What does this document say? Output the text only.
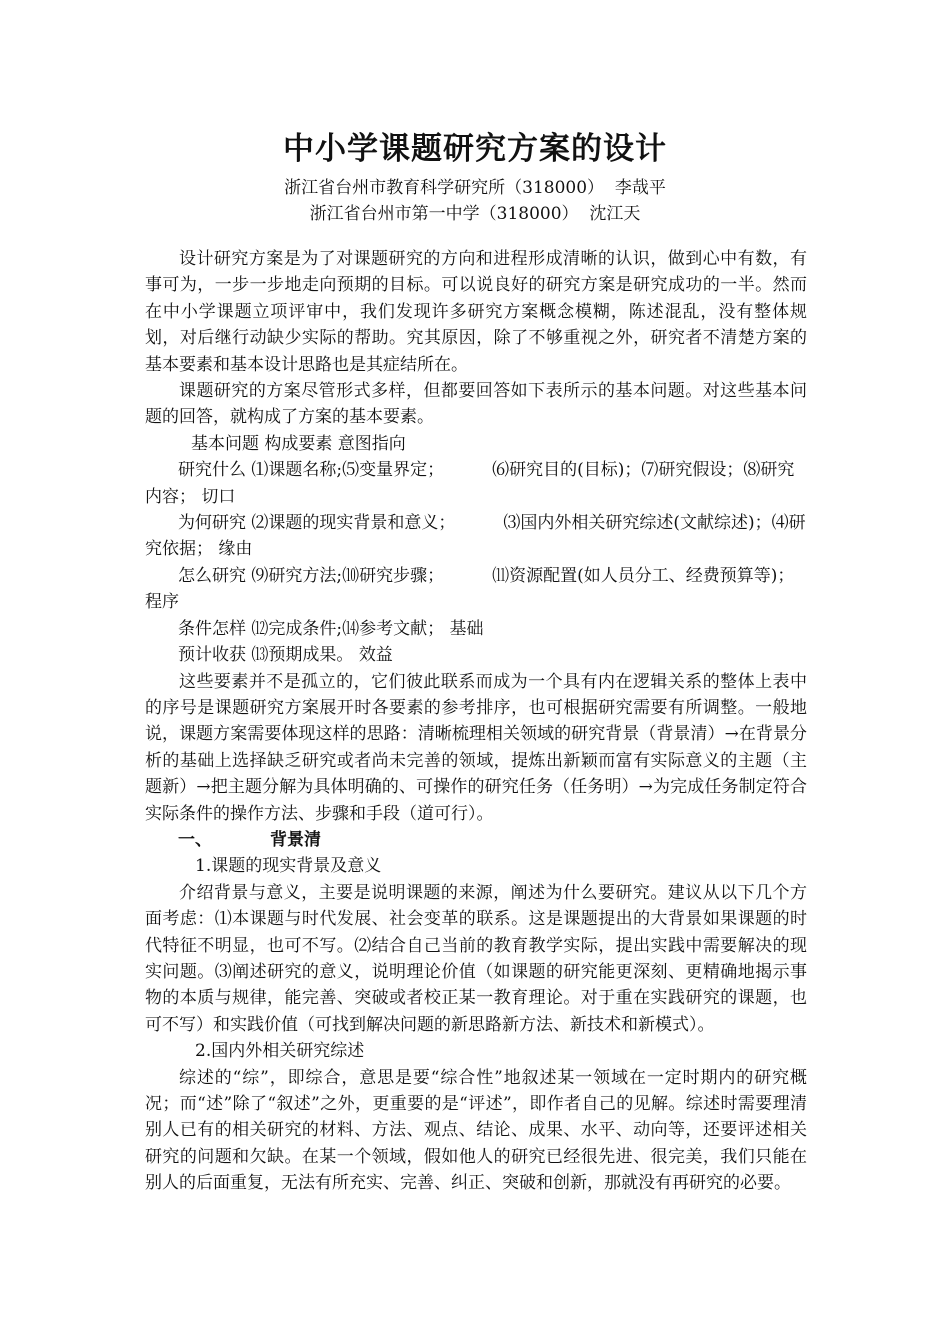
中小学课题研究方案的设计
浙江省台州市教育科学研究所（318000）  李哉平
浙江省台州市第一中学（318000）  沈江天

设计研究方案是为了对课题研究的方向和进程形成清晰的认识，做到心中有数，有事可为，一步一步地走向预期的目标。可以说良好的研究方案是研究成功的一半。然而在中小学课题立项评审中，我们发现许多研究方案概念模糊，陈述混乱，没有整体规划，对后继行动缺少实际的帮助。究其原因，除了不够重视之外，研究者不清楚方案的基本要素和基本设计思路也是其症结所在。

课题研究的方案尽管形式多样，但都要回答如下表所示的基本问题。对这些基本问题的回答，就构成了方案的基本要素。

基本问题 构成要素 意图指向
研究什么 ⑴课题名称;⑸变量界定；	⑹研究目的(目标)；⑺研究假设；⑻研究内容； 切口
为何研究 ⑵课题的现实背景和意义；	⑶国内外相关研究综述(文献综述)；⑷研究依据； 缘由
怎么研究 ⑼研究方法;⑽研究步骤；	⑾资源配置(如人员分工、经费预算等)； 程序
条件怎样 ⑿完成条件;⒁参考文献； 基础
预计收获 ⒀预期成果。 效益

这些要素并不是孤立的，它们彼此联系而成为一个具有内在逻辑关系的整体上表中的序号是课题研究方案展开时各要素的参考排序，也可根据研究需要有所调整。一般地说，课题方案需要体现这样的思路：清晰梳理相关领域的研究背景（背景清）→在背景分析的基础上选择缺乏研究或者尚未完善的领域，提炼出新颖而富有实际意义的主题（主题新）→把主题分解为具体明确的、可操作的研究任务（任务明）→为完成任务制定符合实际条件的操作方法、步骤和手段（道可行）。

一、	背景清
1.课题的现实背景及意义

介绍背景与意义，主要是说明课题的来源，阐述为什么要研究。建议从以下几个方面考虑：⑴本课题与时代发展、社会变革的联系。这是课题提出的大背景如果课题的时代特征不明显，也可不写。⑵结合自己当前的教育教学实际，提出实践中需要解决的现实问题。⑶阐述研究的意义，说明理论价值（如课题的研究能更深刻、更精确地揭示事物的本质与规律，能完善、突破或者校正某一教育理论。对于重在实践研究的课题，也可不写）和实践价值（可找到解决问题的新思路新方法、新技术和新模式）。

2.国内外相关研究综述

综述的“综”，即综合，意思是要“综合性”地叙述某一领域在一定时期内的研究概况；而“述”除了“叙述”之外，更重要的是“评述”，即作者自己的见解。综述时需要理清别人已有的相关研究的材料、方法、观点、结论、成果、水平、动向等，还要评述相关研究的问题和欠缺。在某一个领域，假如他人的研究已经很先进、很完美，我们只能在别人的后面重复，无法有所充实、完善、纠正、突破和创新，那就没有再研究的必要。
